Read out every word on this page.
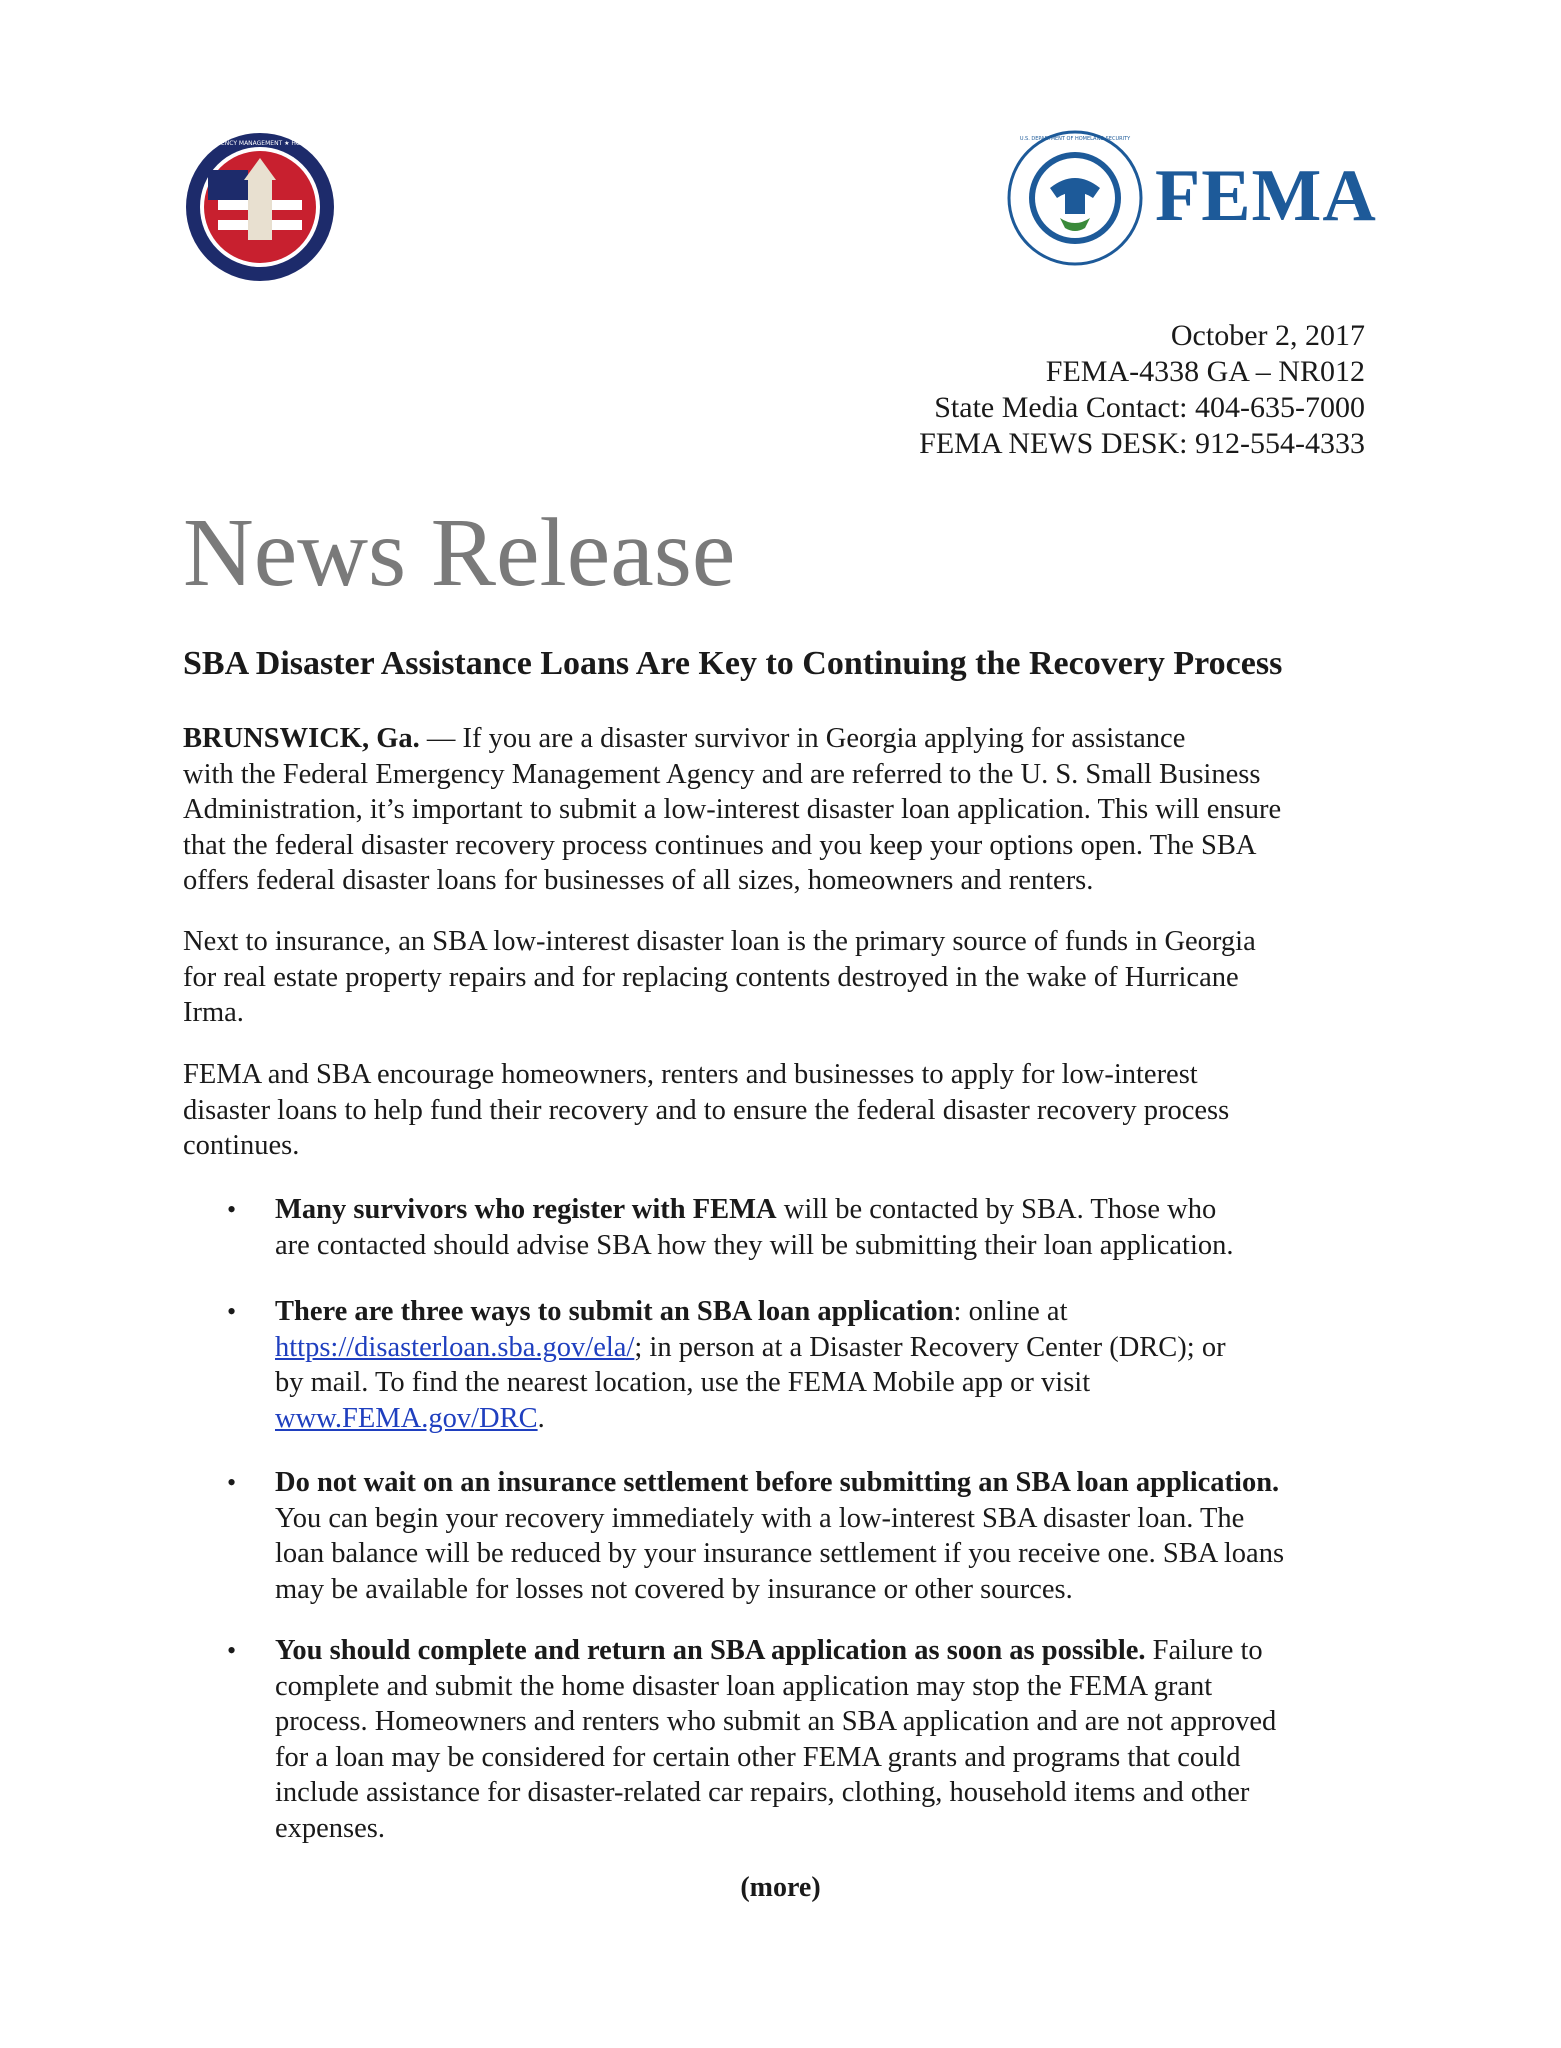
GEORGIA ★ EMERGENCY MANAGEMENT ★ HOMELAND SECURITY
U.S. DEPARTMENT OF HOMELAND SECURITY
FEMA
October 2, 2017
FEMA-4338 GA – NR012
State Media Contact: 404-635-7000
FEMA NEWS DESK: 912-554-4333
News Release
SBA Disaster Assistance Loans Are Key to Continuing the Recovery Process
BRUNSWICK, Ga. — If you are a disaster survivor in Georgia applying for assistance
with the Federal Emergency Management Agency and are referred to the U. S. Small Business
Administration, it’s important to submit a low-interest disaster loan application. This will ensure
that the federal disaster recovery process continues and you keep your options open. The SBA
offers federal disaster loans for businesses of all sizes, homeowners and renters.
Next to insurance, an SBA low-interest disaster loan is the primary source of funds in Georgia
for real estate property repairs and for replacing contents destroyed in the wake of Hurricane
Irma.
FEMA and SBA encourage homeowners, renters and businesses to apply for low-interest
disaster loans to help fund their recovery and to ensure the federal disaster recovery process
continues.
• Many survivors who register with FEMA will be contacted by SBA. Those who
are contacted should advise SBA how they will be submitting their loan application.
• There are three ways to submit an SBA loan application: online at
https://disasterloan.sba.gov/ela/; in person at a Disaster Recovery Center (DRC); or
by mail. To find the nearest location, use the FEMA Mobile app or visit
www.FEMA.gov/DRC.
• Do not wait on an insurance settlement before submitting an SBA loan application.
You can begin your recovery immediately with a low-interest SBA disaster loan. The
loan balance will be reduced by your insurance settlement if you receive one. SBA loans
may be available for losses not covered by insurance or other sources.
• You should complete and return an SBA application as soon as possible. Failure to
complete and submit the home disaster loan application may stop the FEMA grant
process. Homeowners and renters who submit an SBA application and are not approved
for a loan may be considered for certain other FEMA grants and programs that could
include assistance for disaster-related car repairs, clothing, household items and other
expenses.
(more)
